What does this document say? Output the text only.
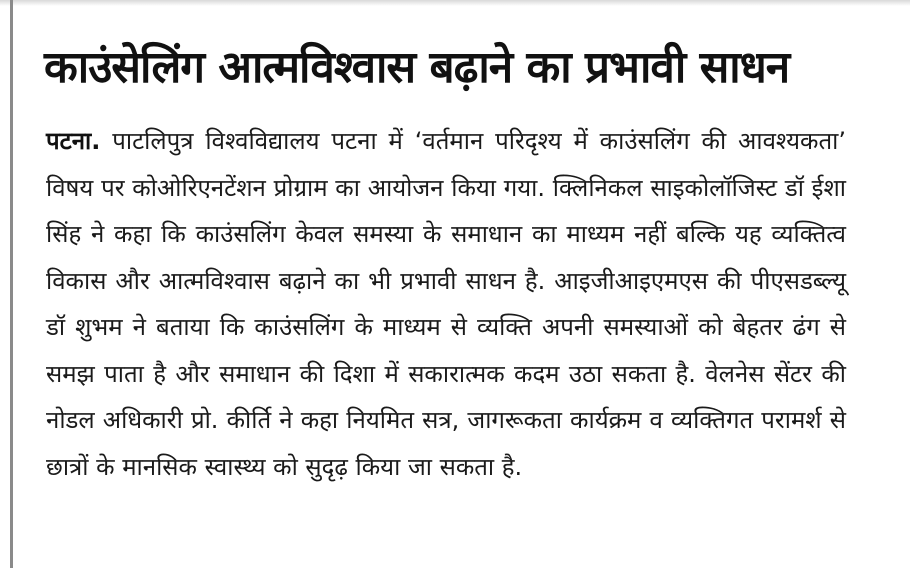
काउंसेलिंग आत्मविश्वास बढ़ाने का प्रभावी साधन

पटना. पाटलिपुत्र विश्वविद्यालय पटना में ‘वर्तमान परिदृश्य में काउंसलिंग की आवश्यकता’ विषय पर कोओरिएनटेंशन प्रोग्राम का आयोजन किया गया. क्लिनिकल साइकोलॉजिस्ट डॉ ईशा सिंह ने कहा कि काउंसलिंग केवल समस्या के समाधान का माध्यम नहीं बल्कि यह व्यक्तित्व विकास और आत्मविश्वास बढ़ाने का भी प्रभावी साधन है. आइजीआइएमएस की पीएसडब्ल्यू डॉ शुभम ने बताया कि काउंसलिंग के माध्यम से व्यक्ति अपनी समस्याओं को बेहतर ढंग से समझ पाता है और समाधान की दिशा में सकारात्मक कदम उठा सकता है. वेलनेस सेंटर की नोडल अधिकारी प्रो. कीर्ति ने कहा नियमित सत्र, जागरूकता कार्यक्रम व व्यक्तिगत परामर्श से छात्रों के मानसिक स्वास्थ्य को सुदृढ़ किया जा सकता है.
